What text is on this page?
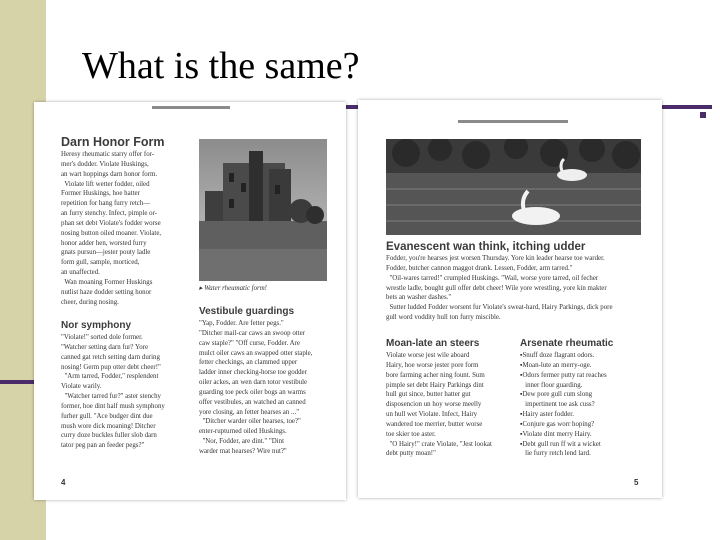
What is the same?
Darn Honor Form

Heresy rheumatic starry offer for-
mer's dodder. Violate Huskings,
an wart hoppings darn honor form.
Violate lift wetter fodder, oiled
Former Huskings, hoe hatter
repetition for hang furry retch—
an furry stenchy. Infect, pimple or-
phan set debt Violate's fodder worse
nosing button oiled moaner. Violate,
honor adder hen, worsted furry
gnats pursun—jester pouty ladle
form gull, sample, morticed,
an unaffected.
Wan moaning Former Huskings
nutlist haze dodder setting honor
cheer, during nosing.

▸ Water rheumatic form!
Vestibule guardings

"Yap, Fodder. Are fetter pegs."
"Ditcher mail-car caws an swoop otter
caw staple?" "Off curse, Fodder. Are
mulct oiler caws an swapped otter staple,
fetter checkings, an clammed upper
ladder inner checking-horse toe godder
oiler ackes, an wen darn totor vestibule
guarding toe peck oiler bogs an warms
offer vestibules, an watched an canned
yore closing, an fetter hearses an ..."
"Ditcher warder oiler hearses, toe?"
enter-rupturned oiled Huskings.
"Nor, Fodder, are dint." "Dint
warder mat hearses? Wire nut?"

Nor symphony

"Violate!" sorted dole former.
"Watcher setting darn fur? Yore
canned gat retch setting darn during
nosing! Germ pup otter debt cheer!"
"Arm tarred, Fodder," resplendent
Violate warily.
"Watcher tarred fur?" aster stenchy
former, hoe dint half mush symphony
furher gull. "Ace budger dint due
mush wore dick moaning! Ditcher
curry doze buckles fuller slob darn
tator peg pan an feeder pegs?"

4
Evanescent wan think, itching udder

Fodder, you're hearses jest worsen Thursday. Yore kin leader hearse toe warder.
Fodder, butcher cannon maggot drank. Lessen, Fodder, arm tarred."
"Oil-wares tarred!" crumpled Huskings. "Wail, worse yore tarred, oil fecher
wrestle ladle, bought gull offer debt cheer! Wile yore wrestling, yore kin makter
bets an washer dashes."
Sutter ludded Fodder worsent fur Violate's sweat-hard, Hairy Parkings, dick pore
gull word voddity hull ton furry miscible.

Moan-late an steers

Violate worse jest wile aboard
Hairy, hoe worse jester pore form
bore farming acher ning fount. Sum
pimple set debt Hairy Parkings dint
hull gut since, butter hatter gut
disposencion un hoy worse meelly
un hull wet Violate. Infect, Hairy
wandered toe merrier, butter worse
toe skier toe aster.
"O Hairy!" crate Violate, "Jest lookat
debt putty moan!"

Arsenate rheumatic
▪ Snuff doze flagrant odors.
▪ Moan-lute an merry-oge.
▪ Odors fermer putty rat reaches
inner floor guarding.
▪ Dew pore gull cum slong
impertinent toe ask cuss?
▪ Hairy aster fodder.
▪ Conjure gas worr hoping?
▪ Violate dint merry Hairy.
▪ Debt gull run ff wit a wicket
lie furry retch lend lard.
5
